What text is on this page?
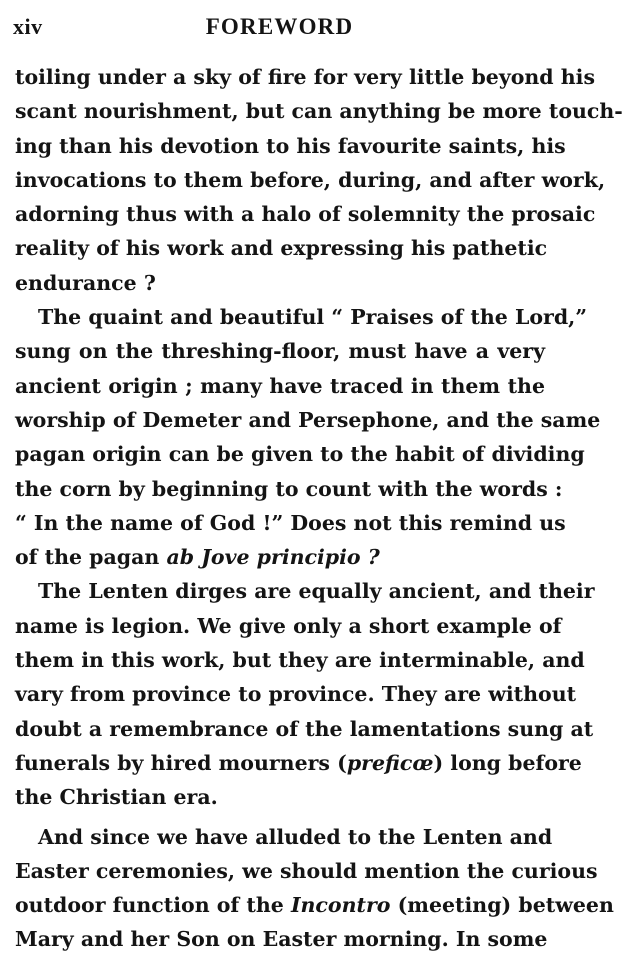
xiv	FOREWORD
toiling under a sky of fire for very little beyond his
scant nourishment, but can anything be more touch-
ing than his devotion to his favourite saints, his
invocations to them before, during, and after work,
adorning thus with a halo of solemnity the prosaic
reality of his work and expressing his pathetic
endurance ?
The quaint and beautiful “ Praises of the Lord,”
sung on the threshing-floor, must have a very
ancient origin ; many have traced in them the
worship of Demeter and Persephone, and the same
pagan origin can be given to the habit of dividing
the corn by beginning to count with the words :
“ In the name of God !” Does not this remind us
of the pagan ab Jove principio ?
The Lenten dirges are equally ancient, and their
name is legion. We give only a short example of
them in this work, but they are interminable, and
vary from province to province. They are without
doubt a remembrance of the lamentations sung at
funerals by hired mourners (preficœ) long before
the Christian era.
And since we have alluded to the Lenten and
Easter ceremonies, we should mention the curious
outdoor function of the Incontro (meeting) between
Mary and her Son on Easter morning. In some
